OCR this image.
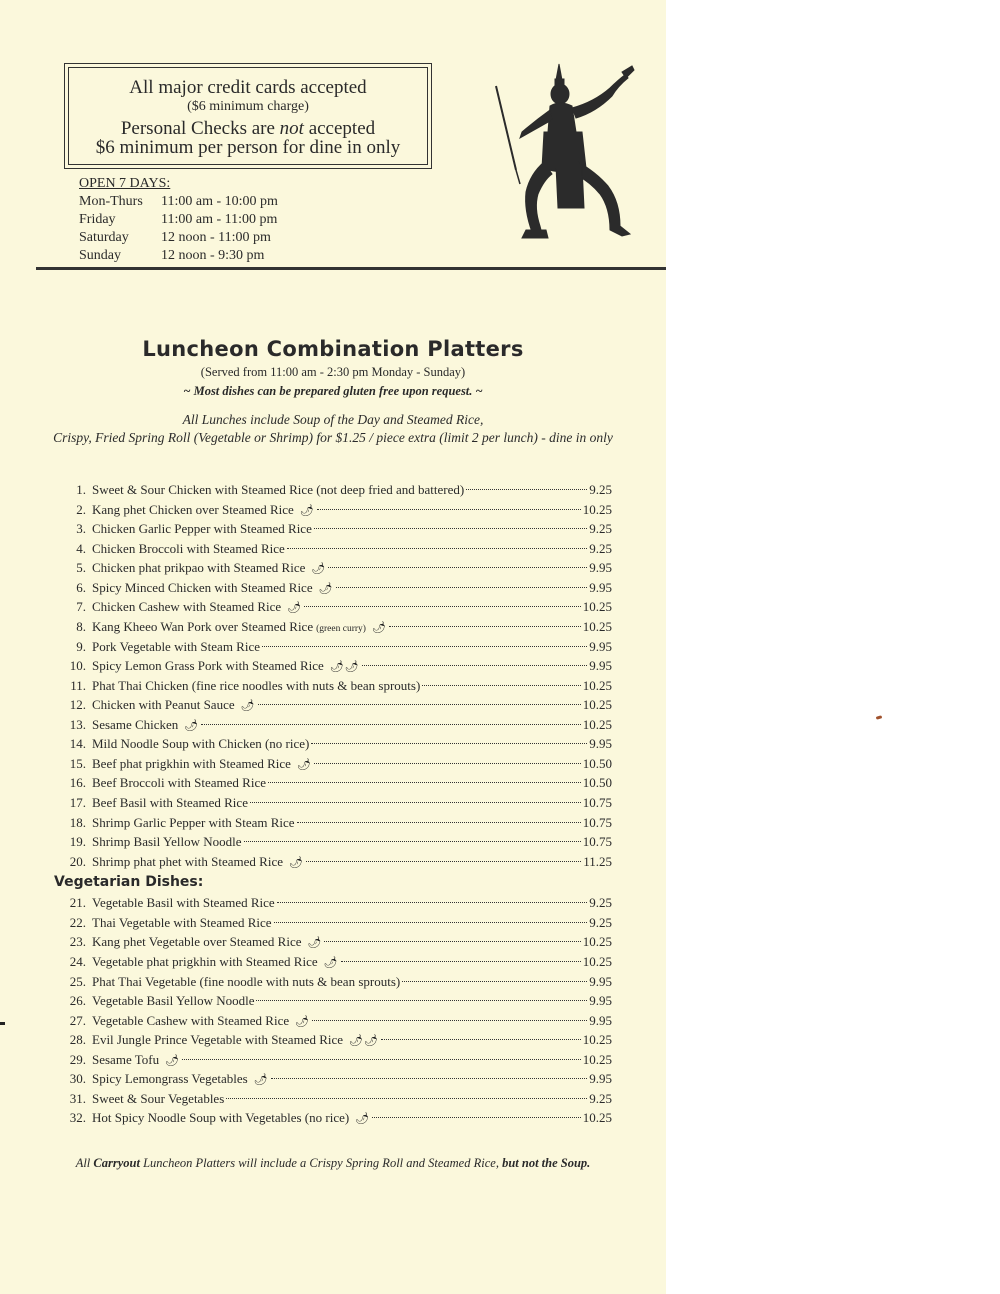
All major credit cards accepted
($6 minimum charge)
Personal Checks are not accepted
$6 minimum per person for dine in only
OPEN 7 DAYS:
Mon-Thurs	11:00 am - 10:00 pm
Friday	11:00 am - 11:00 pm
Saturday	12 noon - 11:00 pm
Sunday	12 noon - 9:30 pm
Luncheon Combination Platters
(Served from 11:00 am - 2:30 pm Monday - Sunday)
~ Most dishes can be prepared gluten free upon request. ~
All Lunches include Soup of the Day and Steamed Rice,
Crispy, Fried Spring Roll (Vegetable or Shrimp) for $1.25 / piece extra (limit 2 per lunch) - dine in only
1. Sweet & Sour Chicken with Steamed Rice (not deep fried and battered)	9.25
2. Kang phet Chicken over Steamed Rice 🌶	10.25
3. Chicken Garlic Pepper with Steamed Rice	9.25
4. Chicken Broccoli with Steamed Rice	9.25
5. Chicken phat prikpao with Steamed Rice 🌶	9.95
6. Spicy Minced Chicken with Steamed Rice 🌶	9.95
7. Chicken Cashew with Steamed Rice 🌶	10.25
8. Kang Kheeo Wan Pork over Steamed Rice (green curry) 🌶	10.25
9. Pork Vegetable with Steam Rice	9.95
10. Spicy Lemon Grass Pork with Steamed Rice 🌶🌶	9.95
11. Phat Thai Chicken (fine rice noodles with nuts & bean sprouts)	10.25
12. Chicken with Peanut Sauce 🌶	10.25
13. Sesame Chicken 🌶	10.25
14. Mild Noodle Soup with Chicken (no rice)	9.95
15. Beef phat prigkhin with Steamed Rice 🌶	10.50
16. Beef Broccoli with Steamed Rice	10.50
17. Beef Basil with Steamed Rice	10.75
18. Shrimp Garlic Pepper with Steam Rice	10.75
19. Shrimp Basil Yellow Noodle	10.75
20. Shrimp phat phet with Steamed Rice 🌶	11.25
Vegetarian Dishes:
21. Vegetable Basil with Steamed Rice	9.25
22. Thai Vegetable with Steamed Rice	9.25
23. Kang phet Vegetable over Steamed Rice 🌶	10.25
24. Vegetable phat prigkhin with Steamed Rice 🌶	10.25
25. Phat Thai Vegetable (fine noodle with nuts & bean sprouts)	9.95
26. Vegetable Basil Yellow Noodle	9.95
27. Vegetable Cashew with Steamed Rice 🌶	9.95
28. Evil Jungle Prince Vegetable with Steamed Rice 🌶🌶	10.25
29. Sesame Tofu 🌶	10.25
30. Spicy Lemongrass Vegetables 🌶	9.95
31. Sweet & Sour Vegetables	9.25
32. Hot Spicy Noodle Soup with Vegetables (no rice) 🌶	10.25
All Carryout Luncheon Platters will include a Crispy Spring Roll and Steamed Rice, but not the Soup.
